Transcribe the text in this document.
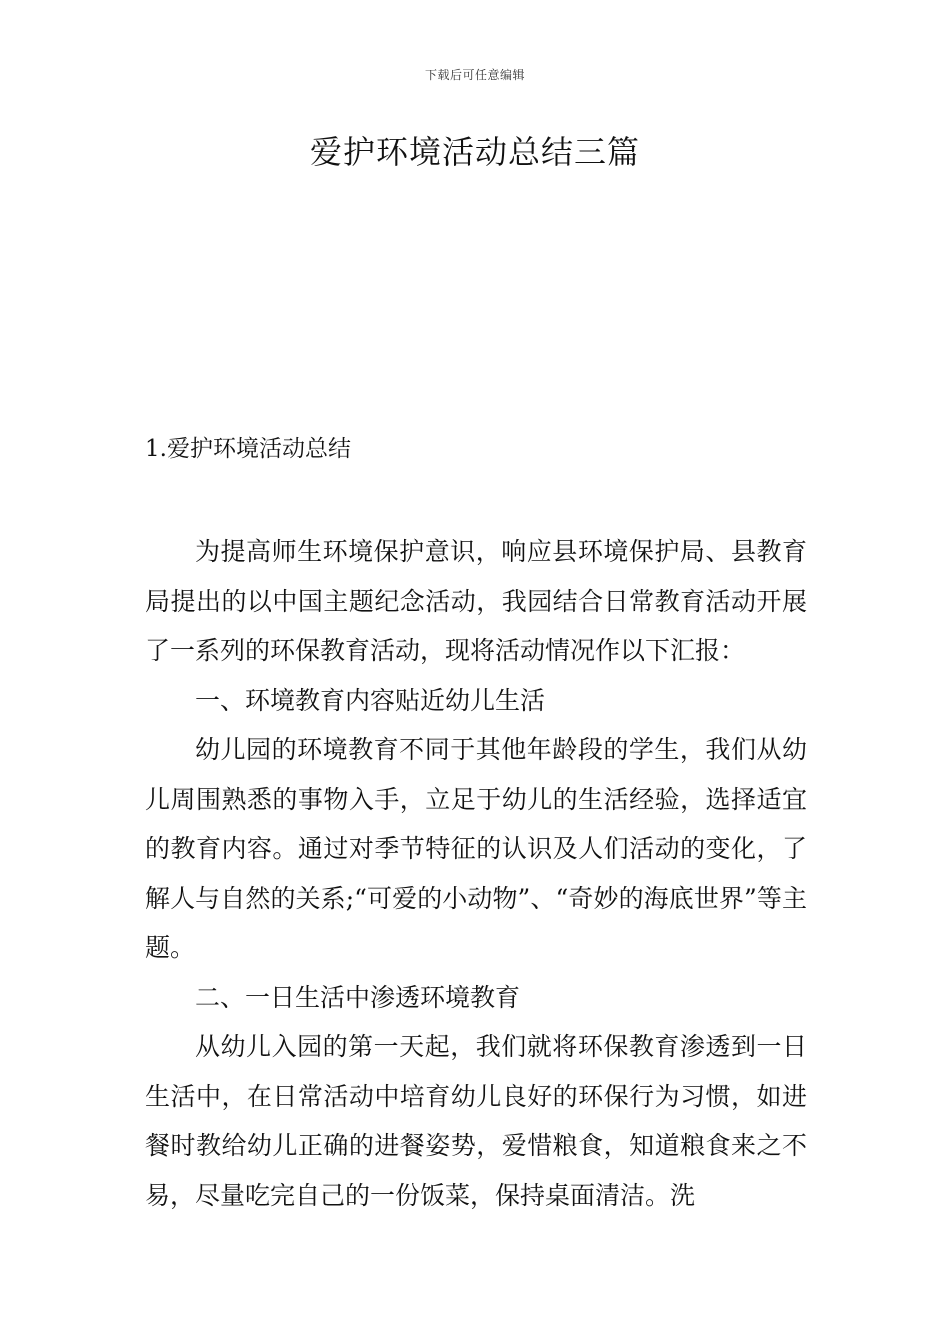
下载后可任意编辑
爱护环境活动总结三篇
1.爱护环境活动总结

为提高师生环境保护意识，响应县环境保护局、县教育局提出的以中国主题纪念活动，我园结合日常教育活动开展了一系列的环保教育活动，现将活动情况作以下汇报：

一、环境教育内容贴近幼儿生活

幼儿园的环境教育不同于其他年龄段的学生，我们从幼儿周围熟悉的事物入手，立足于幼儿的生活经验，选择适宜的教育内容。通过对季节特征的认识及人们活动的变化，了解人与自然的关系;“可爱的小动物”、“奇妙的海底世界”等主题。

二、一日生活中渗透环境教育

从幼儿入园的第一天起，我们就将环保教育渗透到一日生活中，在日常活动中培育幼儿良好的环保行为习惯，如进餐时教给幼儿正确的进餐姿势，爱惜粮食，知道粮食来之不易，尽量吃完自己的一份饭菜，保持桌面清洁。洗
